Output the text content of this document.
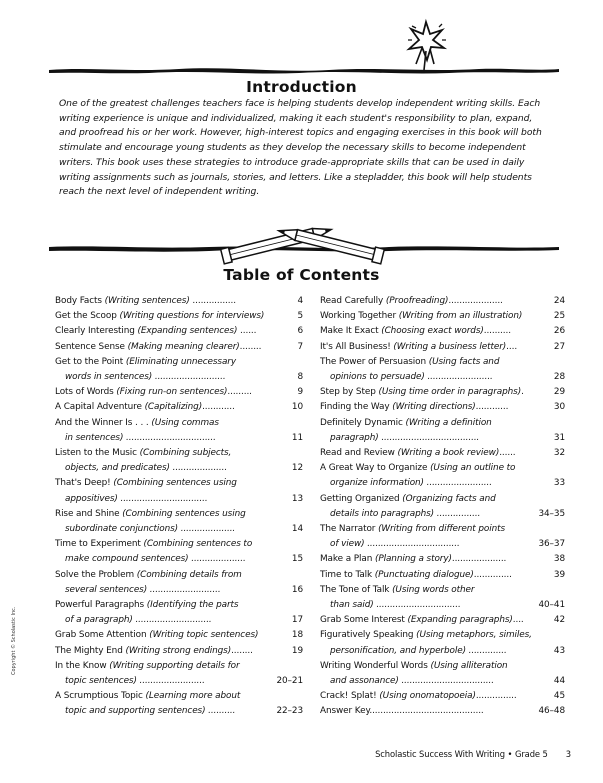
Introduction

One of the greatest challenges teachers face is helping students develop independent writing skills. Each
writing experience is unique and individualized, making it each student's responsibility to plan, expand,
and proofread his or her work. However, high-interest topics and engaging exercises in this book will both
stimulate and encourage young students as they develop the necessary skills to become independent
writers. This book uses these strategies to introduce grade-appropriate skills that can be used in daily
writing assignments such as journals, stories, and letters. Like a stepladder, this book will help students
reach the next level of independent writing.

Table of Contents
4
Body Facts (Writing sentences) ................
5
Get the Scoop (Writing questions for interviews)
6
Clearly Interesting (Expanding sentences) ......
7
Sentence Sense (Making meaning clearer)........
Get to the Point (Eliminating unnecessary
8
words in sentences) ..........................
9
Lots of Words (Fixing run-on sentences).........
10
A Capital Adventure (Capitalizing)............
And the Winner Is . . . (Using commas
11
in sentences) .................................
Listen to the Music (Combining subjects,
12
objects, and predicates) ....................
That's Deep! (Combining sentences using
13
appositives) ................................
Rise and Shine (Combining sentences using
14
subordinate conjunctions) ....................
Time to Experiment (Combining sentences to
15
make compound sentences) ....................
Solve the Problem (Combining details from
16
several sentences) ..........................
Powerful Paragraphs (Identifying the parts
17
of a paragraph) ............................
18
Grab Some Attention (Writing topic sentences)
19
The Mighty End (Writing strong endings)........
In the Know (Writing supporting details for
20–21
topic sentences) ........................
A Scrumptious Topic (Learning more about
22–23
topic and supporting sentences) ..........
24
Read Carefully (Proofreading)....................
25
Working Together (Writing from an illustration)
26
Make It Exact (Choosing exact words)..........
27
It's All Business! (Writing a business letter)....
The Power of Persuasion (Using facts and
28
opinions to persuade) ........................
29
Step by Step (Using time order in paragraphs).
30
Finding the Way (Writing directions)............
Definitely Dynamic (Writing a definition
31
paragraph) ....................................
32
Read and Review (Writing a book review)......
A Great Way to Organize (Using an outline to
33
organize information) ........................
Getting Organized (Organizing facts and
34–35
details into paragraphs) ................
The Narrator (Writing from different points
36–37
of view) ..................................
38
Make a Plan (Planning a story)....................
39
Time to Talk (Punctuating dialogue)..............
The Tone of Talk (Using words other
40–41
than said) ...............................
42
Grab Some Interest (Expanding paragraphs)....
Figuratively Speaking (Using metaphors, similes,
43
personification, and hyperbole) ..............
Writing Wonderful Words (Using alliteration
44
and assonance) ..................................
45
Crack! Splat! (Using onomatopoeia)...............
46–48
Answer Key..........................................
Copyright © Scholastic Inc.
Scholastic Success With Writing • Grade 5 3
